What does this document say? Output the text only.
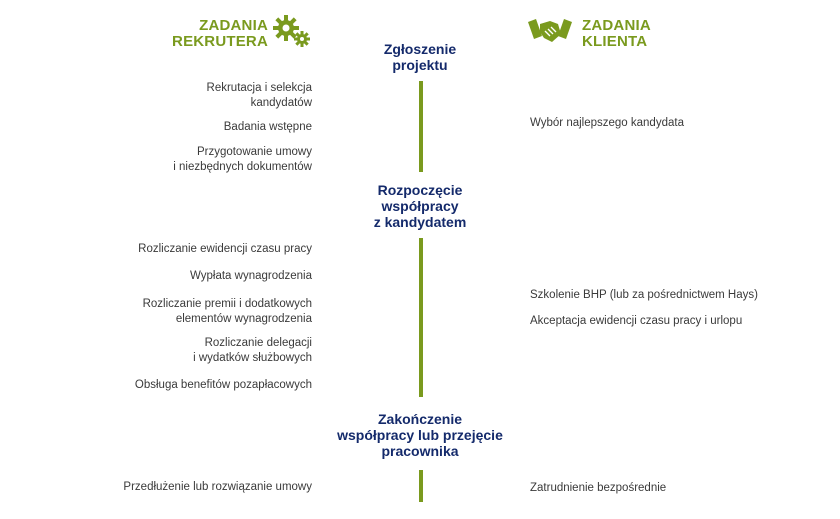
ZADANIA
REKRUTERA
ZADANIA
KLIENTA
Zgłoszenie
projektu
Rozpoczęcie
współpracy
z kandydatem
Zakończenie
współpracy lub przejęcie
pracownika
Rekrutacja i selekcja
kandydatów
Badania wstępne
Przygotowanie umowy
i niezbędnych dokumentów
Rozliczanie ewidencji czasu pracy
Wypłata wynagrodzenia
Rozliczanie premii i dodatkowych
elementów wynagrodzenia
Rozliczanie delegacji
i wydatków służbowych
Obsługa benefitów pozapłacowych
Przedłużenie lub rozwiązanie umowy
Wybór najlepszego kandydata
Szkolenie BHP (lub za pośrednictwem Hays)
Akceptacja ewidencji czasu pracy i urlopu
Zatrudnienie bezpośrednie
